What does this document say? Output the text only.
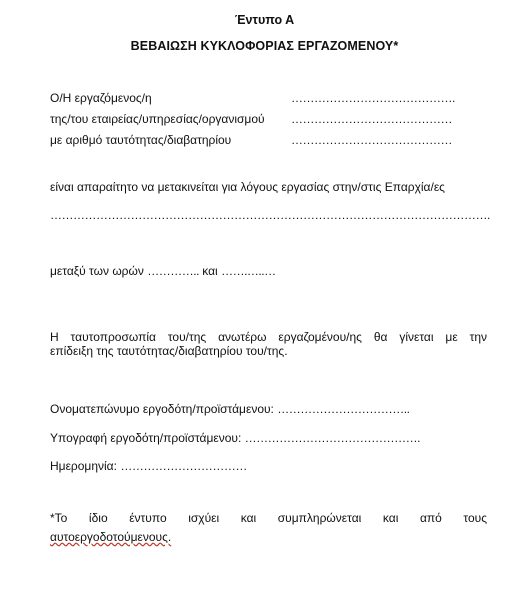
Έντυπο Α
ΒΕΒΑΙΩΣΗ ΚΥΚΛΟΦΟΡΙΑΣ ΕΡΓΑΖΟΜΕΝΟΥ*
Ο/Η εργαζόμενος/η	…………………………………….
της/του εταιρείας/υπηρεσίας/οργανισμού ……………………………………
με αριθμό ταυτότητας/διαβατηρίου	……………………………………
είναι απαραίτητο να μετακινείται για λόγους εργασίας στην/στις Επαρχία/ες
…………………………………………………………………………………………………….
μεταξύ των ωρών ………….. και …….…..…
Η ταυτοπροσωπία του/της ανωτέρω εργαζομένου/ης θα γίνεται με την
επίδειξη της ταυτότητας/διαβατηρίου του/της.
Ονοματεπώνυμο εργοδότη/προϊστάμενου: ……………………………..
Υπογραφή εργοδότη/προϊστάμενου: ……………………………………….
Ημερομηνία: ……………………………
*Το ίδιο έντυπο ισχύει και συμπληρώνεται και από τους
αυτοεργοδοτούμενους.
